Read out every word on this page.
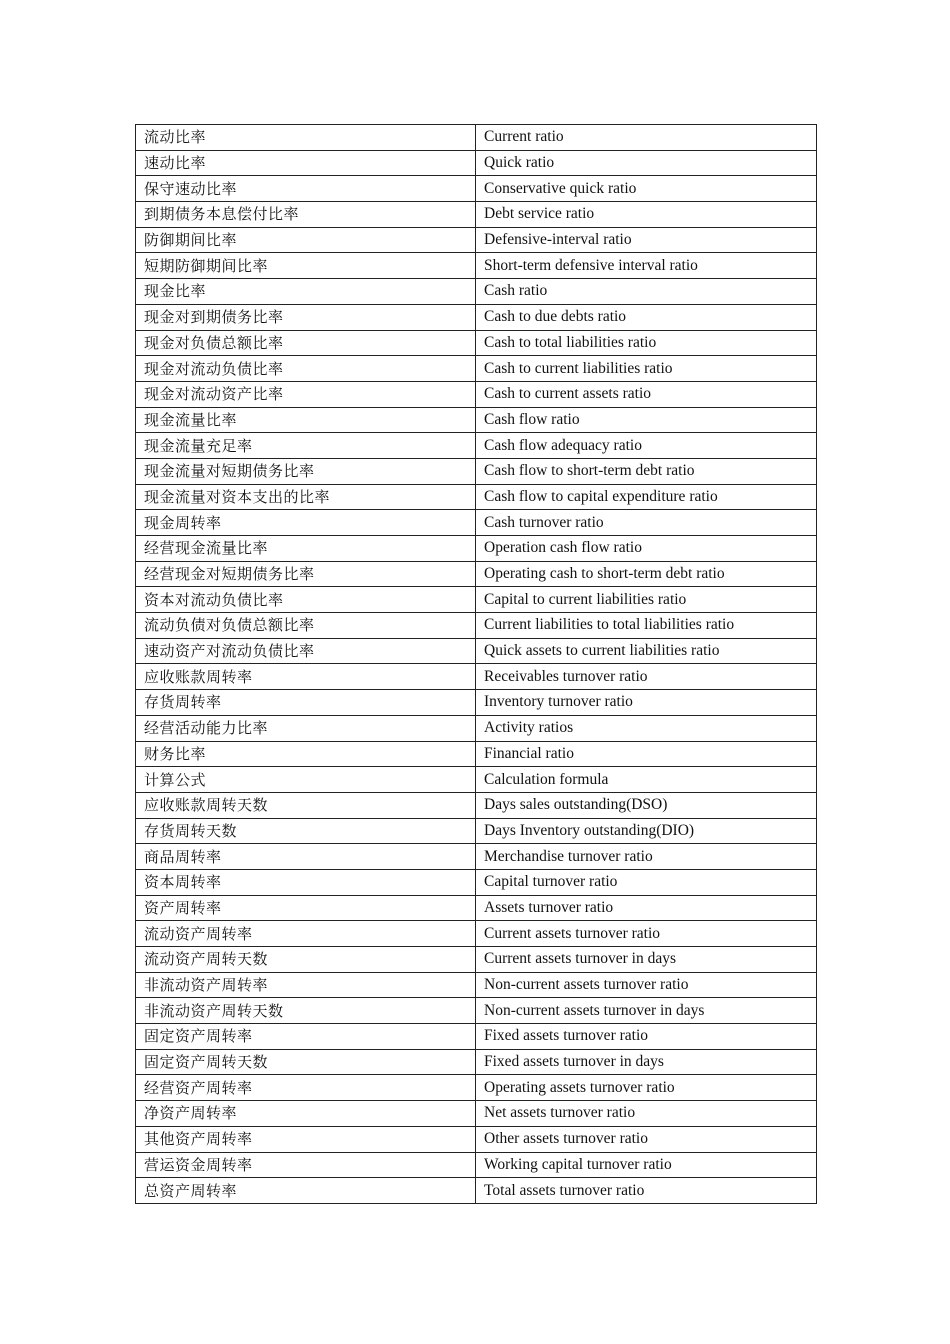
流动比率	Current ratio
速动比率	Quick ratio
保守速动比率	Conservative quick ratio
到期债务本息偿付比率	Debt service ratio
防御期间比率	Defensive-interval ratio
短期防御期间比率	Short-term defensive interval ratio
现金比率	Cash ratio
现金对到期债务比率	Cash to due debts ratio
现金对负债总额比率	Cash to total liabilities ratio
现金对流动负债比率	Cash to current liabilities ratio
现金对流动资产比率	Cash to current assets ratio
现金流量比率	Cash flow ratio
现金流量充足率	Cash flow adequacy ratio
现金流量对短期债务比率	Cash flow to short-term debt ratio
现金流量对资本支出的比率	Cash flow to capital expenditure ratio
现金周转率	Cash turnover ratio
经营现金流量比率	Operation cash flow ratio
经营现金对短期债务比率	Operating cash to short-term debt ratio
资本对流动负债比率	Capital to current liabilities ratio
流动负债对负债总额比率	Current liabilities to total liabilities ratio
速动资产对流动负债比率	Quick assets to current liabilities ratio
应收账款周转率	Receivables turnover ratio
存货周转率	Inventory turnover ratio
经营活动能力比率	Activity ratios
财务比率	Financial ratio
计算公式	Calculation formula
应收账款周转天数	Days sales outstanding(DSO)
存货周转天数	Days Inventory outstanding(DIO)
商品周转率	Merchandise turnover ratio
资本周转率	Capital turnover ratio
资产周转率	Assets turnover ratio
流动资产周转率	Current assets turnover ratio
流动资产周转天数	Current assets turnover in days
非流动资产周转率	Non-current assets turnover ratio
非流动资产周转天数	Non-current assets turnover in days
固定资产周转率	Fixed assets turnover ratio
固定资产周转天数	Fixed assets turnover in days
经营资产周转率	Operating assets turnover ratio
净资产周转率	Net assets turnover ratio
其他资产周转率	Other assets turnover ratio
营运资金周转率	Working capital turnover ratio
总资产周转率	Total assets turnover ratio
